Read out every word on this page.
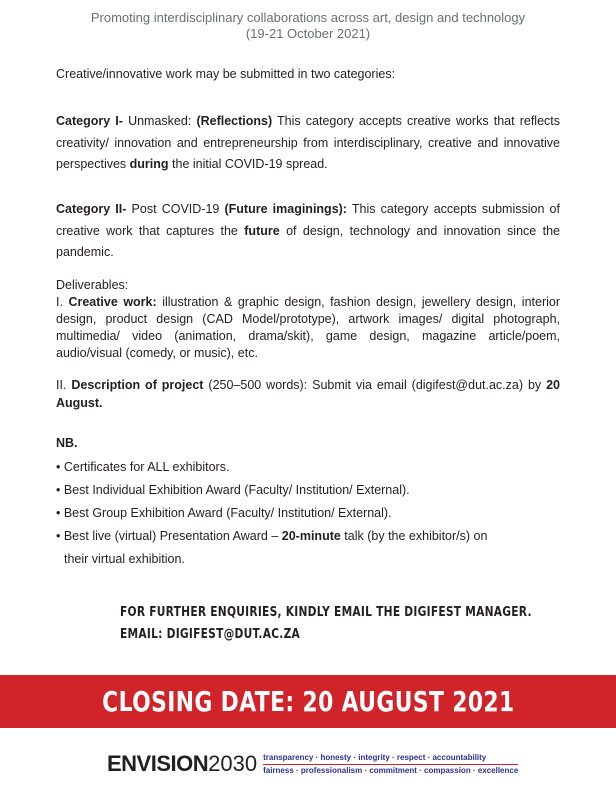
Promoting interdisciplinary collaborations across art, design and technology
(19-21 October 2021)

Creative/innovative work may be submitted in two categories:

Category I- Unmasked: (Reflections) This category accepts creative works that reflects creativity/ innovation and entrepreneurship from interdisciplinary, creative and innovative perspectives during the initial COVID-19 spread.

Category II- Post COVID-19 (Future imaginings): This category accepts submission of creative work that captures the future of design, technology and innovation since the pandemic.

Deliverables:

I. Creative work: illustration & graphic design, fashion design, jewellery design, interior design, product design (CAD Model/prototype), artwork images/ digital photograph, multimedia/ video (animation, drama/skit), game design, magazine article/poem, audio/visual (comedy, or music), etc.

II. Description of project (250–500 words): Submit via email (digifest@dut.ac.za) by 20 August.

NB.

• Certificates for ALL exhibitors.

• Best Individual Exhibition Award (Faculty/ Institution/ External).

• Best Group Exhibition Award (Faculty/ Institution/ External).

• Best live (virtual) Presentation Award – 20-minute talk (by the exhibitor/s) on

their virtual exhibition.

FOR FURTHER ENQUIRIES, KINDLY EMAIL THE DIGIFEST MANAGER.
EMAIL: DIGIFEST@DUT.AC.ZA
CLOSING DATE: 20 AUGUST 2021
ENVISION2030 transparency · honesty · integrity · respect · accountability
fairness · professionalism · commitment · compassion · excellence
